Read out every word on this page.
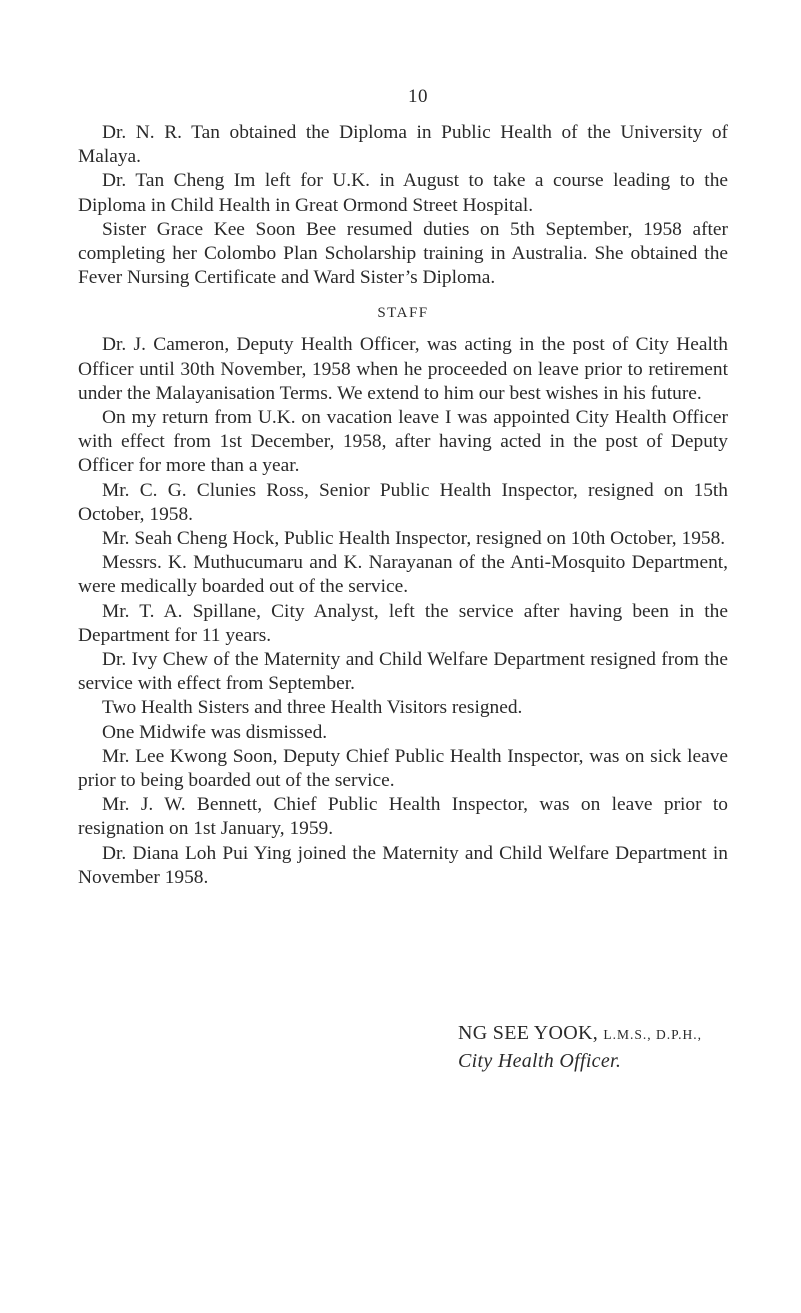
10

Dr. N. R. Tan obtained the Diploma in Public Health of the University of Malaya.

Dr. Tan Cheng Im left for U.K. in August to take a course leading to the Diploma in Child Health in Great Ormond Street Hospital.

Sister Grace Kee Soon Bee resumed duties on 5th September, 1958 after completing her Colombo Plan Scholarship training in Australia. She obtained the Fever Nursing Certificate and Ward Sister’s Diploma.

STAFF

Dr. J. Cameron, Deputy Health Officer, was acting in the post of City Health Officer until 30th November, 1958 when he proceeded on leave prior to retirement under the Malayanisation Terms. We extend to him our best wishes in his future.

On my return from U.K. on vacation leave I was appointed City Health Officer with effect from 1st December, 1958, after having acted in the post of Deputy Officer for more than a year.

Mr. C. G. Clunies Ross, Senior Public Health Inspector, resigned on 15th October, 1958.

Mr. Seah Cheng Hock, Public Health Inspector, resigned on 10th October, 1958.

Messrs. K. Muthucumaru and K. Narayanan of the Anti-Mosquito Department, were medically boarded out of the service.

Mr. T. A. Spillane, City Analyst, left the service after having been in the Department for 11 years.

Dr. Ivy Chew of the Maternity and Child Welfare Department resigned from the service with effect from September.

Two Health Sisters and three Health Visitors resigned.

One Midwife was dismissed.

Mr. Lee Kwong Soon, Deputy Chief Public Health Inspector, was on sick leave prior to being boarded out of the service.

Mr. J. W. Bennett, Chief Public Health Inspector, was on leave prior to resignation on 1st January, 1959.

Dr. Diana Loh Pui Ying joined the Maternity and Child Welfare Department in November 1958.

NG SEE YOOK, L.M.S., D.P.H.,
City Health Officer.
